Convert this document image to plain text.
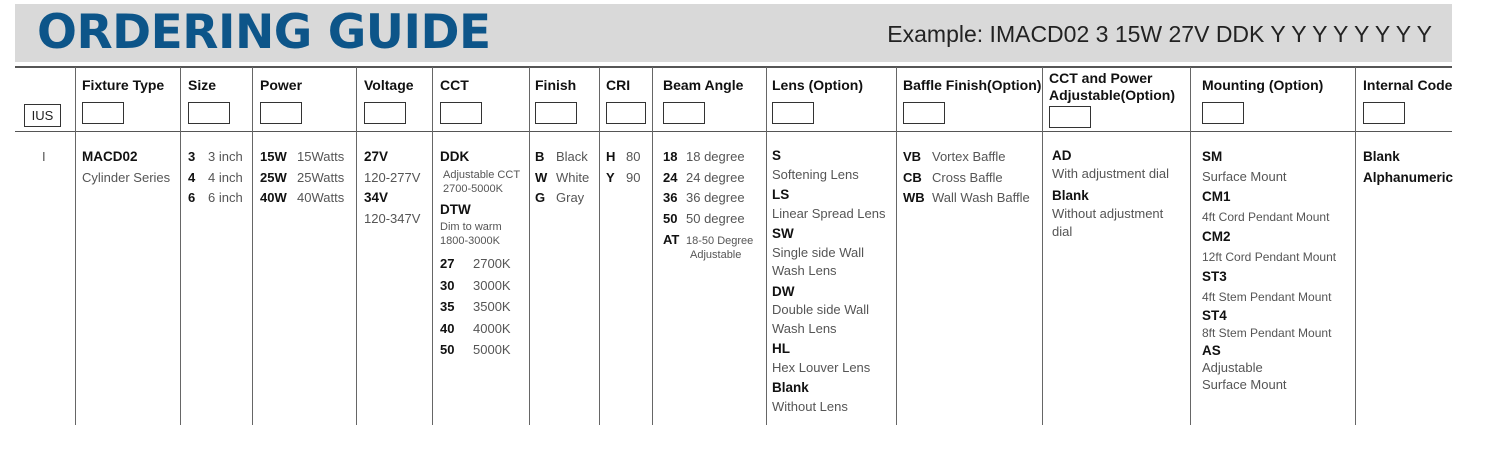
ORDERING GUIDE	Example: IMACD02 3 15W 27V DDK Y Y Y Y Y Y Y Y
IUS
I
Fixture Type
MACD02
Cylinder Series
Size
3 3 inch
4 4 inch
6 6 inch
Power
15W 15Watts
25W 25Watts
40W 40Watts
Voltage
27V
120-277V
34V
120-347V
CCT
DDK
Adjustable CCT
2700-5000K
DTW
Dim to warm
1800-3000K
27 2700K
30 3000K
35 3500K
40 4000K
50 5000K
Finish
B Black
W White
G Gray
CRI
H 80
Y 90
Beam Angle
18 18 degree
24 24 degree
36 36 degree
50 50 degree
AT 18-50 Degree
Adjustable
Lens (Option)
S
Softening Lens
LS
Linear Spread Lens
SW
Single side Wall
Wash Lens
DW
Double side Wall
Wash Lens
HL
Hex Louver Lens
Blank
Without Lens
Baffle Finish(Option)
VB Vortex Baffle
CB Cross Baffle
WB Wall Wash Baffle
CCT and Power
Adjustable(Option)
AD
With adjustment dial
Blank
Without adjustment
dial
Mounting (Option)
SM
Surface Mount
CM1
4ft Cord Pendant Mount
CM2
12ft Cord Pendant Mount
ST3
4ft Stem Pendant Mount
ST4
8ft Stem Pendant Mount
AS
Adjustable
Surface Mount
Internal Code
Blank
Alphanumeric
